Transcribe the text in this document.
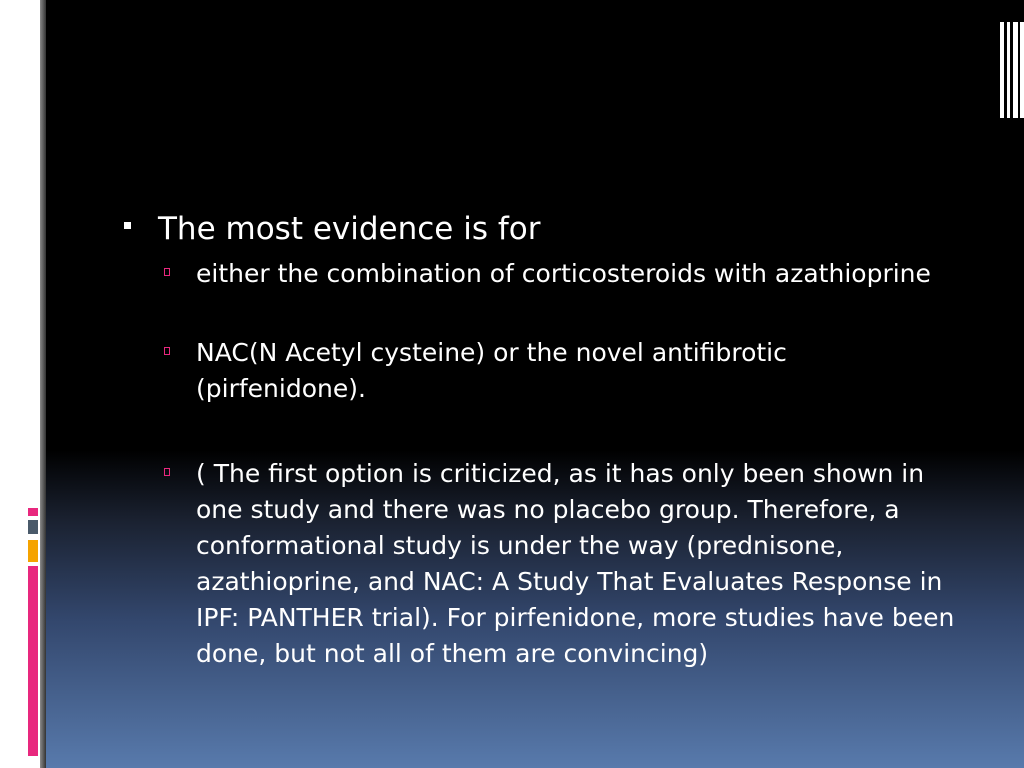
The most evidence is for
either the combination of corticosteroids with azathioprine
NAC(N Acetyl cysteine) or the novel antifibrotic (pirfenidone).
( The first option is criticized, as it has only been shown in one study and there was no placebo group. Therefore, a conformational study is under the way (prednisone, azathioprine, and NAC: A Study That Evaluates Response in IPF: PANTHER trial). For pirfenidone, more studies have been done, but not all of them are convincing)
